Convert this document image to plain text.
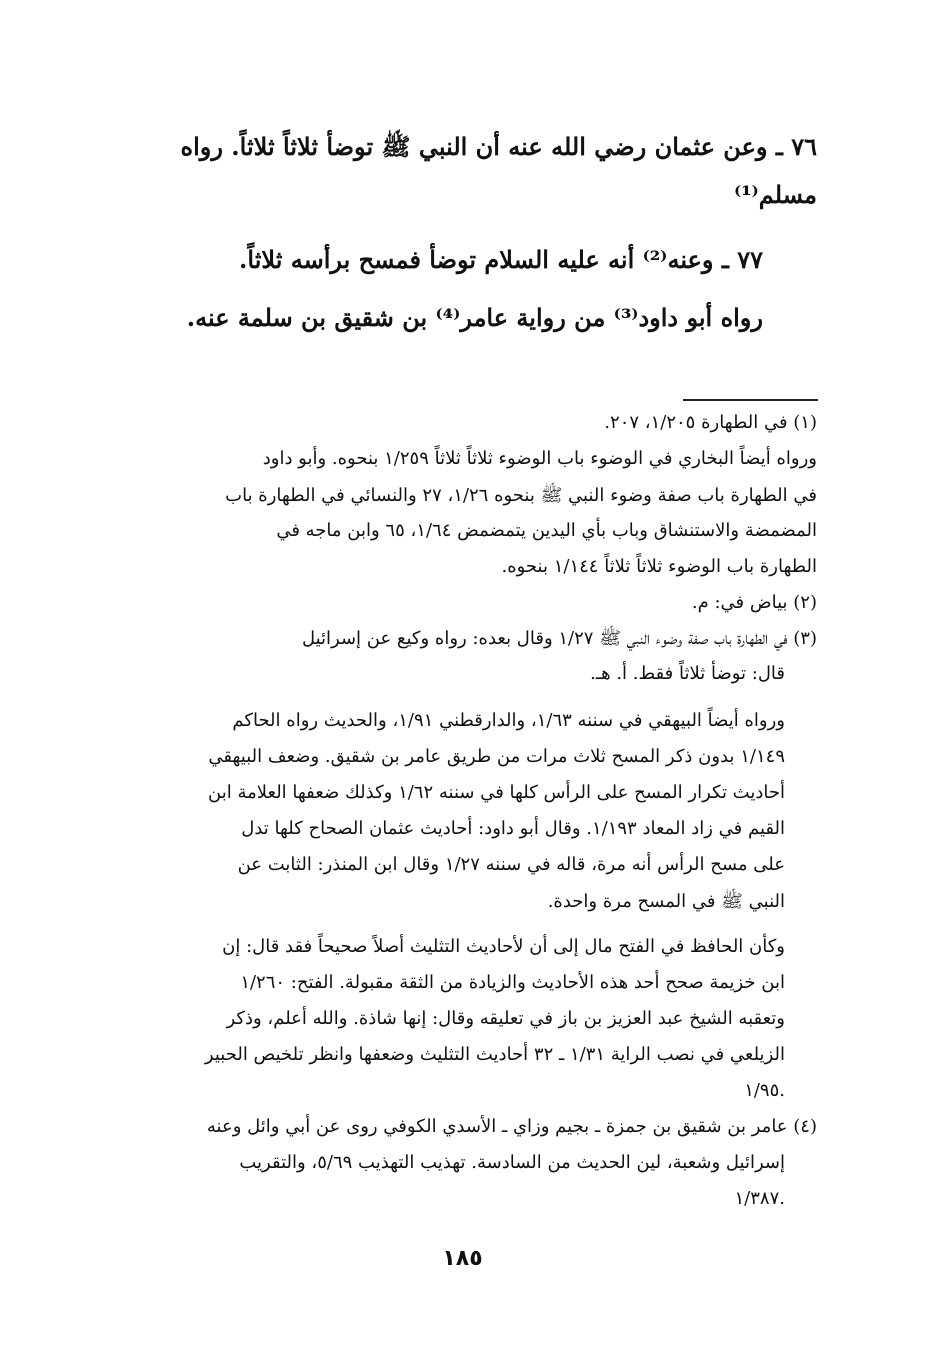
٧٦ ـ وعن عثمان رضي الله عنه أن النبي ﷺ توضأ ثلاثاً ثلاثاً. رواه
مسلم⁽¹⁾
٧٧ ـ وعنه⁽²⁾ أنه عليه السلام توضأ فمسح برأسه ثلاثاً.
رواه أبو داود⁽³⁾ من رواية عامر⁽⁴⁾ بن شقيق بن سلمة عنه.
(١) في الطهارة ١/٢٠٥، ٢٠٧.
ورواه أيضاً البخاري في الوضوء باب الوضوء ثلاثاً ثلاثاً ١/٢٥٩ بنحوه. وأبو داود
في الطهارة باب صفة وضوء النبي ﷺ بنحوه ١/٢٦، ٢٧ والنسائي في الطهارة باب
المضمضة والاستنشاق وباب بأي اليدين يتمضمض ١/٦٤، ٦٥ وابن ماجه في
الطهارة باب الوضوء ثلاثاً ثلاثاً ١/١٤٤ بنحوه.
(٢) بياض في: م.
(٣) في الطهارة باب صفة وضوء النبي ﷺ ١/٢٧ وقال بعده: رواه وكيع عن إسرائيل
قال: توضأ ثلاثاً فقط. أ. هـ.
ورواه أيضاً البيهقي في سننه ١/٦٣، والدارقطني ١/٩١، والحديث رواه الحاكم
١/١٤٩ بدون ذكر المسح ثلاث مرات من طريق عامر بن شقيق. وضعف البيهقي
أحاديث تكرار المسح على الرأس كلها في سننه ١/٦٢ وكذلك ضعفها العلامة ابن
القيم في زاد المعاد ١/١٩٣. وقال أبو داود: أحاديث عثمان الصحاح كلها تدل
على مسح الرأس أنه مرة، قاله في سننه ١/٢٧ وقال ابن المنذر: الثابت عن
النبي ﷺ في المسح مرة واحدة.
وكأن الحافظ في الفتح مال إلى أن لأحاديث التثليث أصلاً صحيحاً فقد قال: إن
ابن خزيمة صحح أحد هذه الأحاديث والزيادة من الثقة مقبولة. الفتح: ١/٢٦٠
وتعقبه الشيخ عبد العزيز بن باز في تعليقه وقال: إنها شاذة. والله أعلم، وذكر
الزيلعي في نصب الراية ١/٣١ ـ ٣٢ أحاديث التثليث وضعفها وانظر تلخيص الحبير
١/٩٥.
(٤) عامر بن شقيق بن جمزة ـ بجيم وزاي ـ الأسدي الكوفي روى عن أبي وائل وعنه
إسرائيل وشعبة، لين الحديث من السادسة. تهذيب التهذيب ٥/٦٩، والتقريب
١/٣٨٧.
١٨٥
